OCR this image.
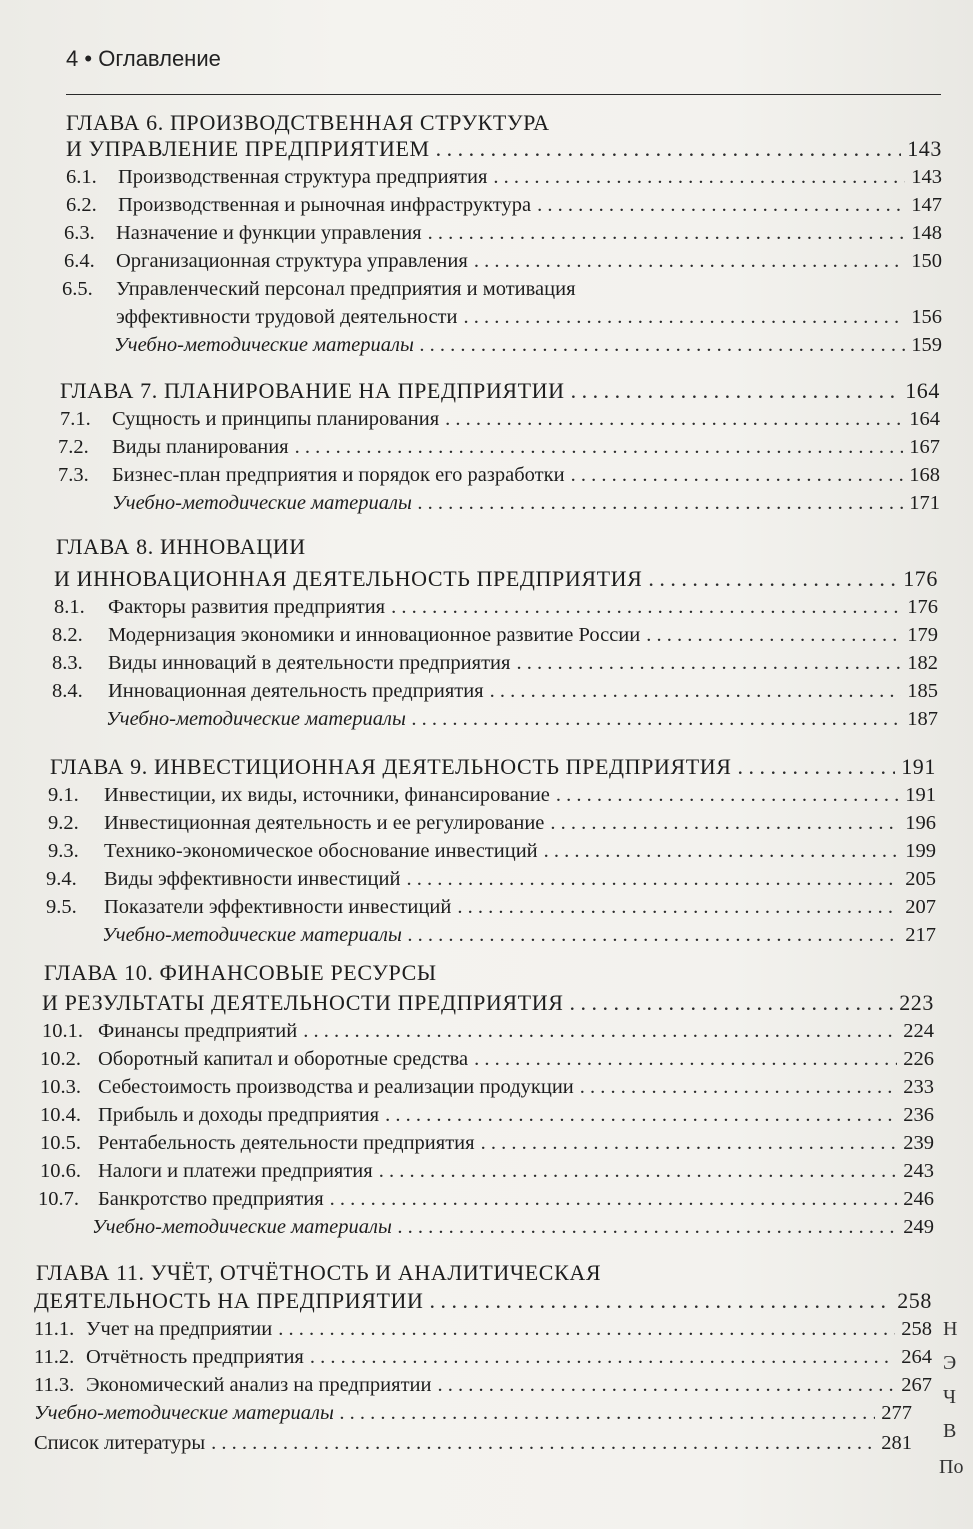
4 • Оглавление
ГЛАВА 6. ПРОИЗВОДСТВЕННАЯ СТРУКТУРА
И УПРАВЛЕНИЕ ПРЕДПРИЯТИЕМ . . .	143
6.1.	Производственная структура предприятия . . .	143
6.2.	Производственная и рыночная инфраструктура . . .	147
6.3.	Назначение и функции управления . . .	148
6.4.	Организационная структура управления . . .	150
6.5.	Управленческий персонал предприятия и мотивация
эффективности трудовой деятельности . . .	156
Учебно-методические материалы . . .	159
ГЛАВА 7. ПЛАНИРОВАНИЕ НА ПРЕДПРИЯТИИ . . .	164
7.1.	Сущность и принципы планирования . . .	164
7.2.	Виды планирования . . .	167
7.3.	Бизнес-план предприятия и порядок его разработки . . .	168
Учебно-методические материалы . . .	171
ГЛАВА 8. ИННОВАЦИИ
И ИННОВАЦИОННАЯ ДЕЯТЕЛЬНОСТЬ ПРЕДПРИЯТИЯ . . .	176
8.1.	Факторы развития предприятия . . .	176
8.2.	Модернизация экономики и инновационное развитие России . . .	179
8.3.	Виды инноваций в деятельности предприятия . . .	182
8.4.	Инновационная деятельность предприятия . . .	185
Учебно-методические материалы . . .	187
ГЛАВА 9. ИНВЕСТИЦИОННАЯ ДЕЯТЕЛЬНОСТЬ ПРЕДПРИЯТИЯ . . .	191
9.1.	Инвестиции, их виды, источники, финансирование . . .	191
9.2.	Инвестиционная деятельность и ее регулирование . . .	196
9.3.	Технико-экономическое обоснование инвестиций . . .	199
9.4.	Виды эффективности инвестиций . . .	205
9.5.	Показатели эффективности инвестиций . . .	207
Учебно-методические материалы . . .	217
ГЛАВА 10. ФИНАНСОВЫЕ РЕСУРСЫ
И РЕЗУЛЬТАТЫ ДЕЯТЕЛЬНОСТИ ПРЕДПРИЯТИЯ . . .	223
10.1. Финансы предприятий . . .	224
10.2. Оборотный капитал и оборотные средства . . .	226
10.3. Себестоимость производства и реализации продукции . . .	233
10.4. Прибыль и доходы предприятия . . .	236
10.5. Рентабельность деятельности предприятия . . .	239
10.6. Налоги и платежи предприятия . . .	243
10.7. Банкротство предприятия . . .	246
Учебно-методические материалы . . .	249
ГЛАВА 11. УЧЁТ, ОТЧЁТНОСТЬ И АНАЛИТИЧЕСКАЯ
ДЕЯТЕЛЬНОСТЬ НА ПРЕДПРИЯТИИ . . .	258
11.1. Учет на предприятии . . .	258
11.2. Отчётность предприятия . . .	264
11.3. Экономический анализ на предприятии . . .	267
Учебно-методические материалы . . .	277
Список литературы . . .	281
Н
Э
Ч
В
По
